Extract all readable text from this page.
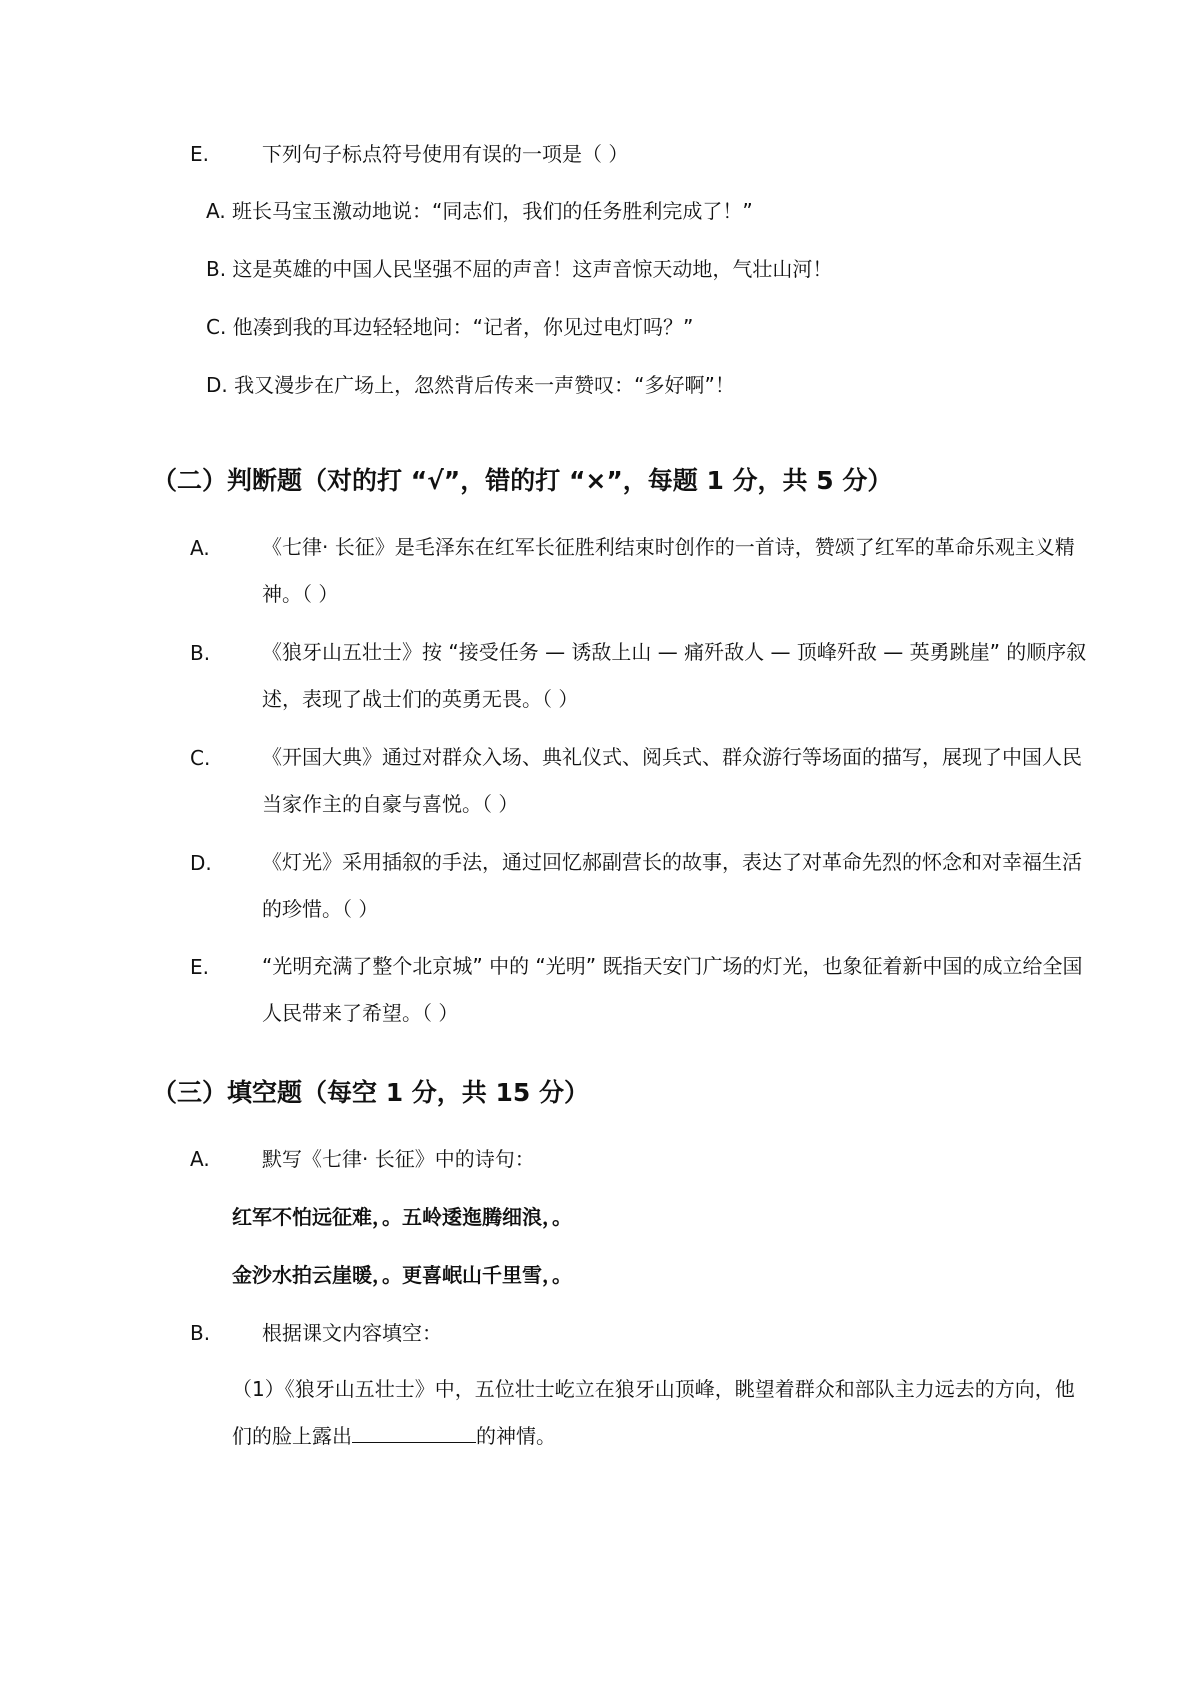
E.	下列句子标点符号使用有误的一项是（ ）
A. 班长马宝玉激动地说：“同志们，我们的任务胜利完成了！”
B. 这是英雄的中国人民坚强不屈的声音！这声音惊天动地，气壮山河！
C. 他凑到我的耳边轻轻地问：“记者，你见过电灯吗？”
D. 我又漫步在广场上，忽然背后传来一声赞叹：“多好啊”！
（二）判断题（对的打 “√”，错的打 “×”，每题 1 分，共 5 分）
A.	《七律· 长征》是毛泽东在红军长征胜利结束时创作的一首诗，赞颂了红军的革命乐观主义精神。（ ）
B.	《狼牙山五壮士》按 “接受任务 — 诱敌上山 — 痛歼敌人 — 顶峰歼敌 — 英勇跳崖” 的顺序叙述，表现了战士们的英勇无畏。（ ）
C.	《开国大典》通过对群众入场、典礼仪式、阅兵式、群众游行等场面的描写，展现了中国人民当家作主的自豪与喜悦。（ ）
D.	《灯光》采用插叙的手法，通过回忆郝副营长的故事，表达了对革命先烈的怀念和对幸福生活的珍惜。（ ）
E.	“光明充满了整个北京城” 中的 “光明” 既指天安门广场的灯光，也象征着新中国的成立给全国人民带来了希望。（ ）
（三）填空题（每空 1 分，共 15 分）
A.	默写《七律· 长征》中的诗句：
红军不怕远征难，。五岭逶迤腾细浪，。
金沙水拍云崖暖，。更喜岷山千里雪，。
B.	根据课文内容填空：
（1）《狼牙山五壮士》中，五位壮士屹立在狼牙山顶峰，眺望着群众和部队主力远去的方向，他们的脸上露出	的神情。
